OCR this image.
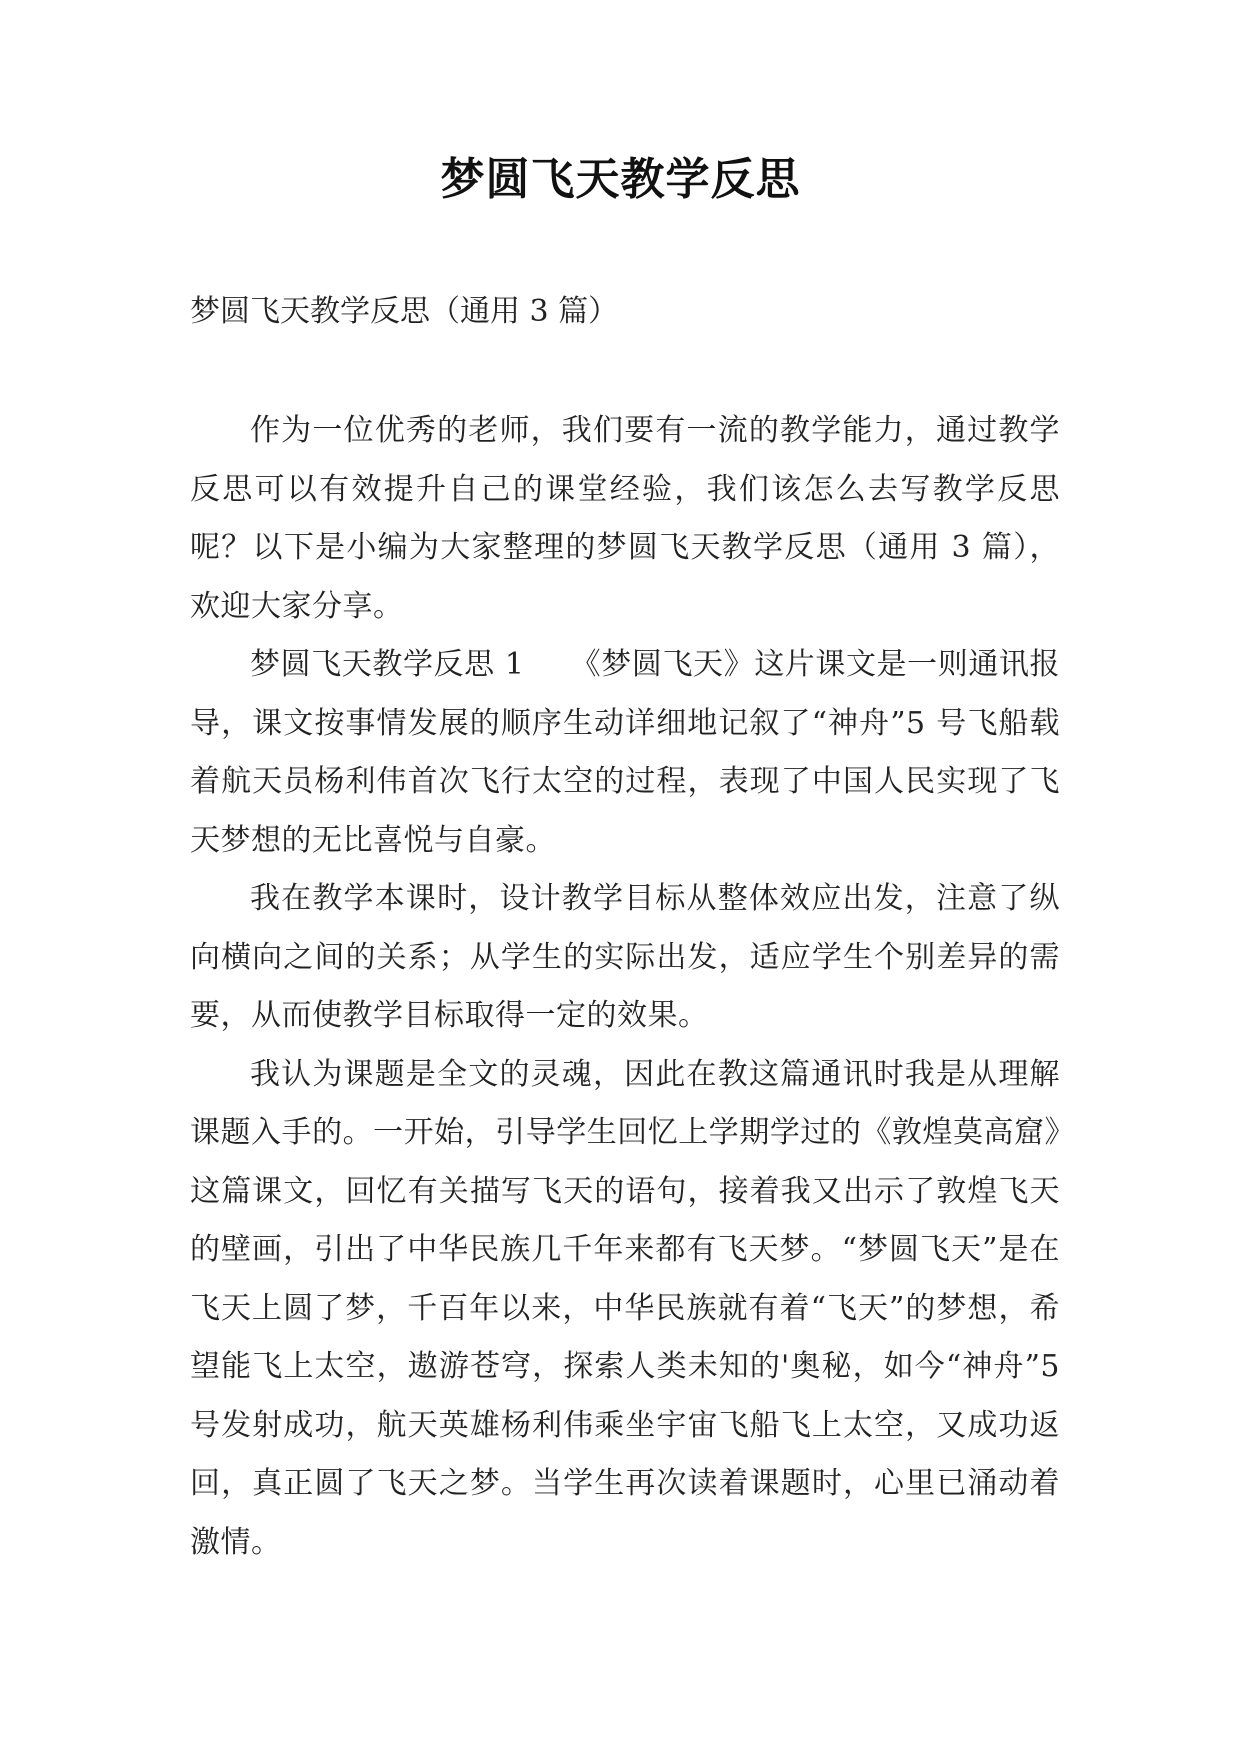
梦圆飞天教学反思

梦圆飞天教学反思（通用 3 篇）

作为一位优秀的老师，我们要有一流的教学能力，通过教学反思可以有效提升自己的课堂经验，我们该怎么去写教学反思呢？以下是小编为大家整理的梦圆飞天教学反思（通用 3 篇），欢迎大家分享。

梦圆飞天教学反思 1　　《梦圆飞天》这片课文是一则通讯报导，课文按事情发展的顺序生动详细地记叙了“神舟”5 号飞船载着航天员杨利伟首次飞行太空的过程，表现了中国人民实现了飞天梦想的无比喜悦与自豪。

我在教学本课时，设计教学目标从整体效应出发，注意了纵向横向之间的关系；从学生的实际出发，适应学生个别差异的需要，从而使教学目标取得一定的效果。

我认为课题是全文的灵魂，因此在教这篇通讯时我是从理解课题入手的。一开始，引导学生回忆上学期学过的《敦煌莫高窟》这篇课文，回忆有关描写飞天的语句，接着我又出示了敦煌飞天的壁画，引出了中华民族几千年来都有飞天梦。“梦圆飞天”是在飞天上圆了梦，千百年以来，中华民族就有着“飞天”的梦想，希望能飞上太空，遨游苍穹，探索人类未知的'奥秘，如今“神舟”5 号发射成功，航天英雄杨利伟乘坐宇宙飞船飞上太空，又成功返回，真正圆了飞天之梦。当学生再次读着课题时，心里已涌动着激情。
